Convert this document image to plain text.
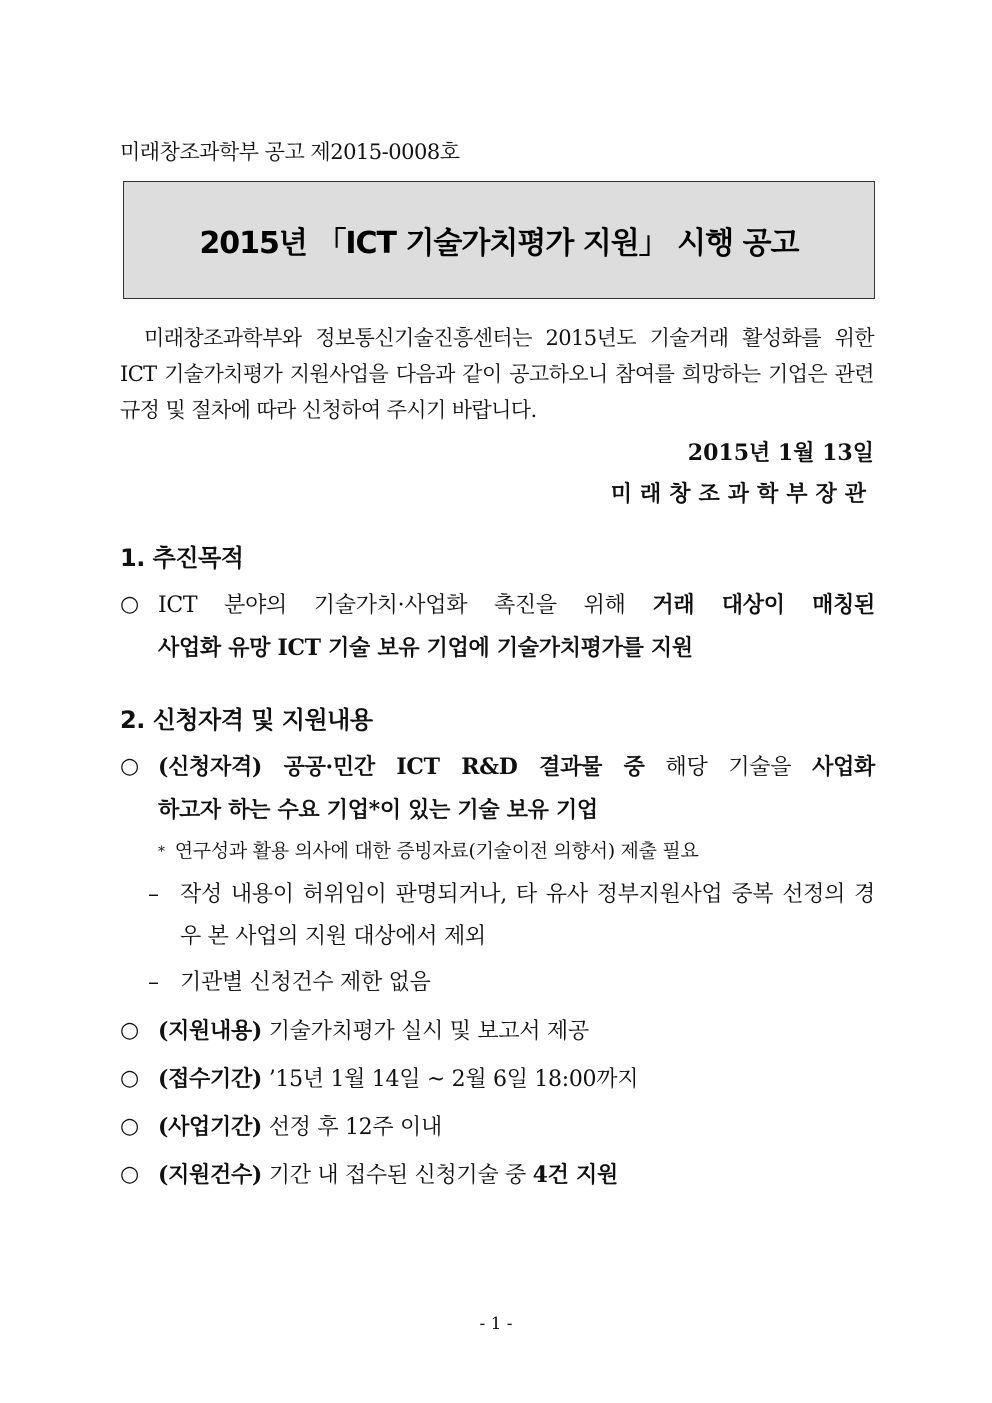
미래창조과학부 공고 제2015-0008호
2015년 「ICT 기술가치평가 지원」 시행 공고

미래창조과학부와 정보통신기술진흥센터는 2015년도 기술거래 활성화를 위한 ICT 기술가치평가 지원사업을 다음과 같이 공고하오니 참여를 희망하는 기업은 관련 규정 및 절차에 따라 신청하여 주시기 바랍니다.

2015년 1월 13일
미래창조과학부장관
1. 추진목적
○ ICT 분야의 기술가치·사업화 촉진을 위해 거래 대상이 매칭된
사업화 유망 ICT 기술 보유 기업에 기술가치평가를 지원
2. 신청자격 및 지원내용
○ (신청자격) 공공·민간 ICT R&D 결과물 중 해당 기술을 사업화
하고자 하는 수요 기업*이 있는 기술 보유 기업
* 연구성과 활용 의사에 대한 증빙자료(기술이전 의향서) 제출 필요
– 작성 내용이 허위임이 판명되거나, 타 유사 정부지원사업 중복 선정의 경우 본 사업의 지원 대상에서 제외
– 기관별 신청건수 제한 없음
○ (지원내용) 기술가치평가 실시 및 보고서 제공
○ (접수기간) ’15년 1월 14일 ~ 2월 6일 18:00까지
○ (사업기간) 선정 후 12주 이내
○ (지원건수) 기간 내 접수된 신청기술 중 4건 지원
- 1 -
